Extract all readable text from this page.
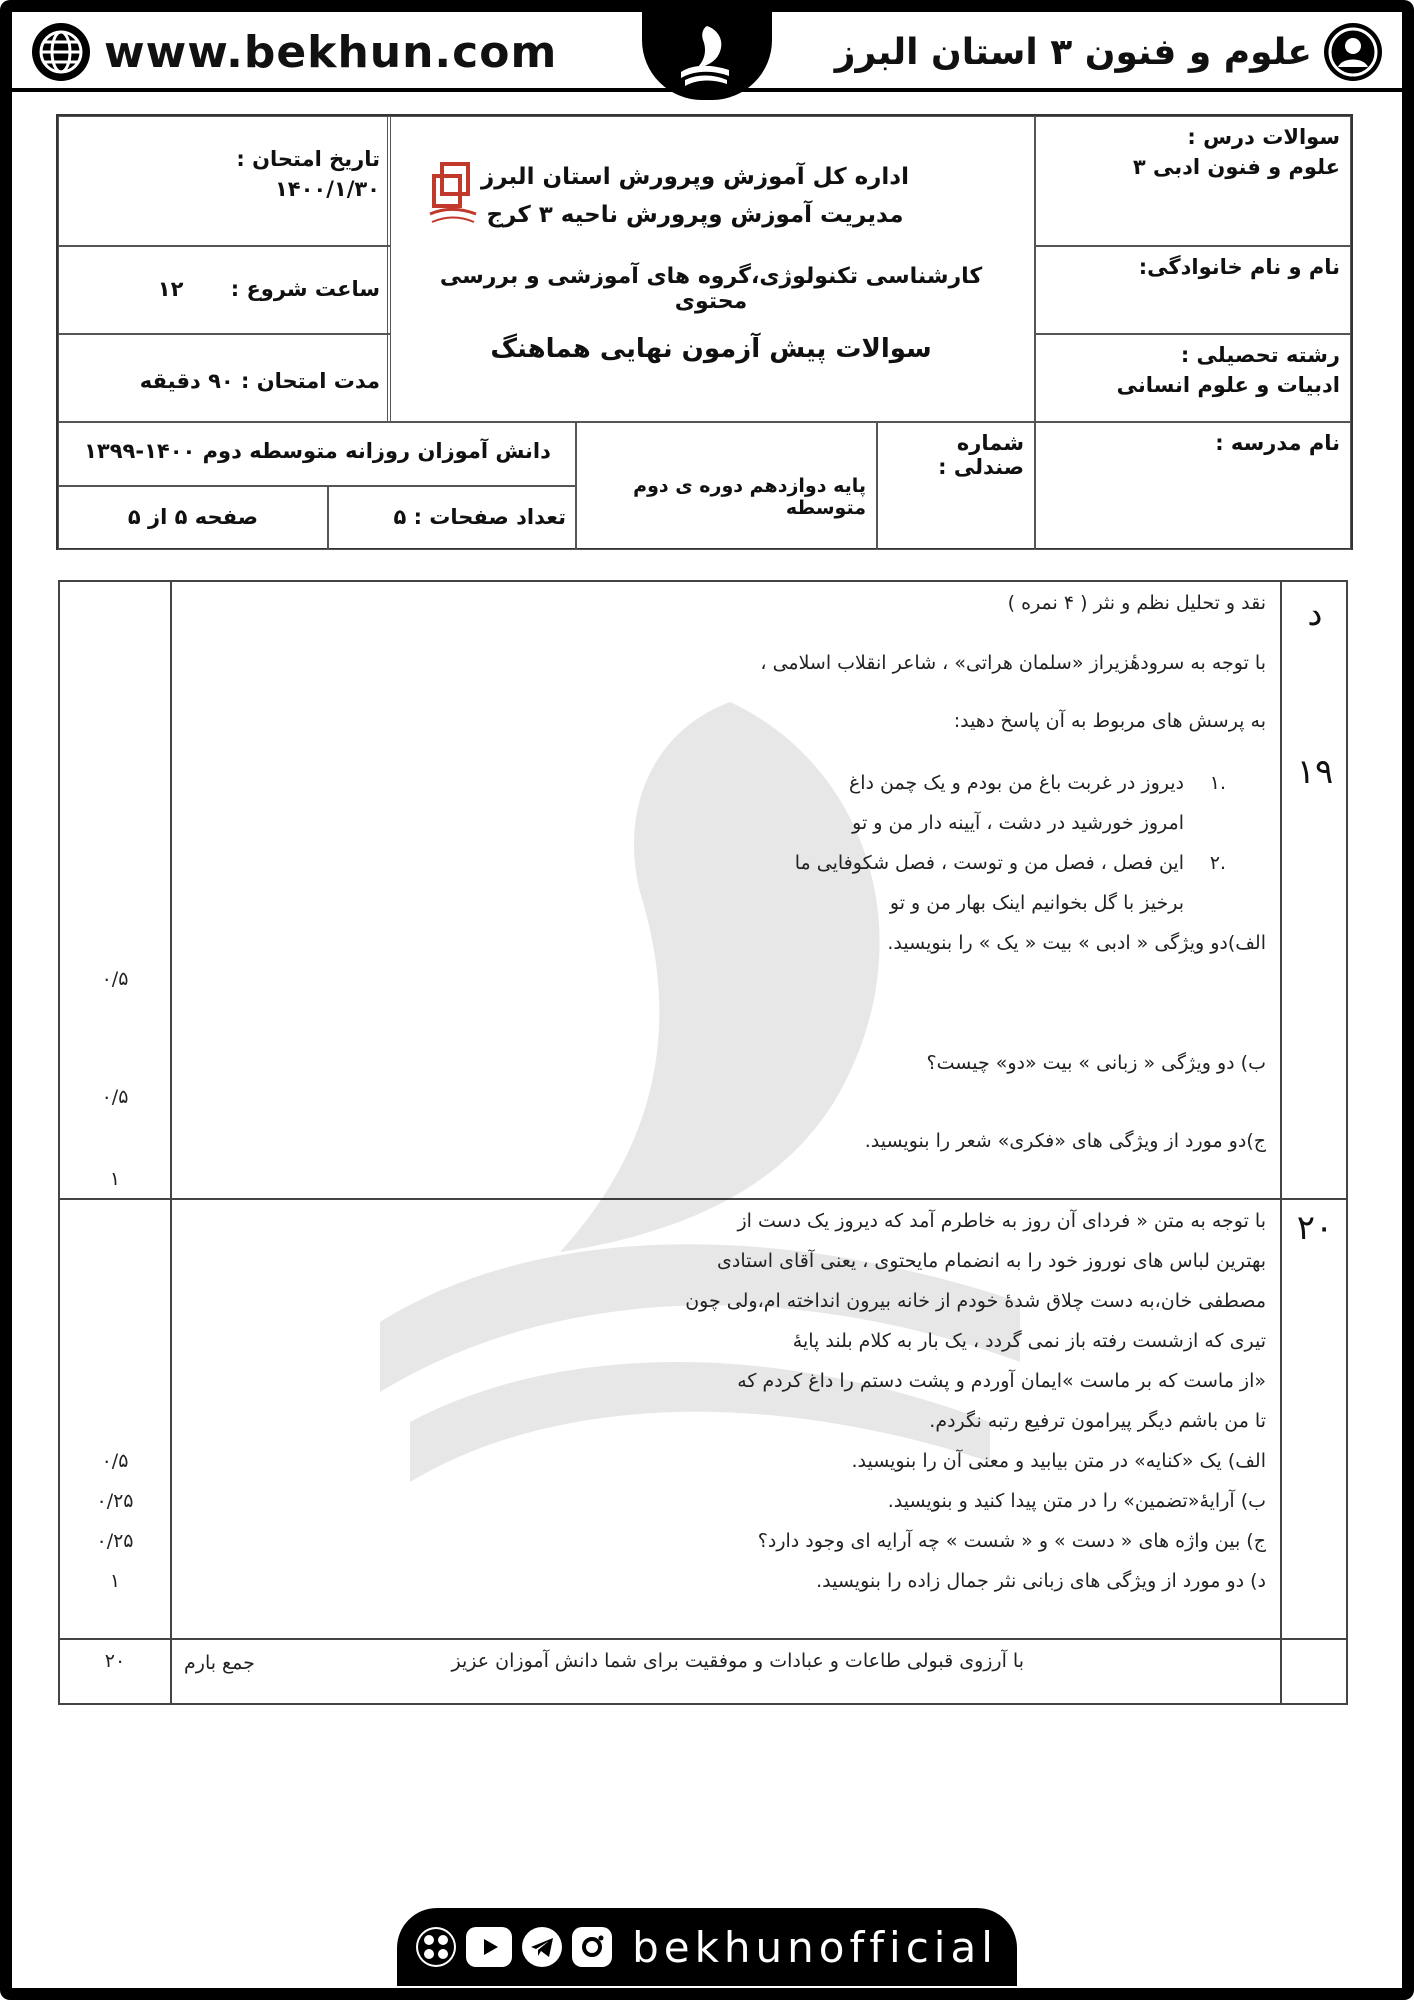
www.bekhun.com	علوم و فنون ۳ استان البرز
سوالات درس :
علوم و فنون ادبی ۳
نام و نام خانوادگی:
رشته تحصیلی :
ادبیات و علوم انسانی
نام مدرسه :
اداره کل آموزش وپرورش استان البرز
مدیریت آموزش وپرورش ناحیه ۳ کرج
کارشناسی تکنولوژی،گروه های آموزشی و بررسی محتوی
سوالات پیش آزمون نهایی هماهنگ
تاریخ امتحان :
۱۴۰۰/۱/۳۰
ساعت شروع : ۱۲
مدت امتحان : ۹۰ دقیقه
شماره صندلی :
پایه دوازدهم دوره ی دوم متوسطه
دانش آموزان روزانه متوسطه دوم ۱۴۰۰-۱۳۹۹
تعداد صفحات : ۵
صفحه ۵ از ۵
د
۱۹
نقد و تحلیل نظم و نثر ( ۴ نمره )
با توجه به سرودهٔزیراز «سلمان هراتی» ، شاعر انقلاب اسلامی ،
به پرسش های مربوط به آن پاسخ دهید:
.۱
دیروز در غربت باغ من بودم و یک چمن داغ
امروز خورشید در دشت ، آیینه دار من و تو
.۲
این فصل ، فصل من و توست ، فصل شکوفایی ما
برخیز با گل بخوانیم اینک بهار من و تو
الف)دو ویژگی « ادبی » بیت « یک » را بنویسید.
ب) دو ویژگی « زبانی » بیت «دو» چیست؟
ج)دو مورد از ویژگی های «فکری» شعر را بنویسید.
۰/۵
۰/۵
۱
۲۰
با توجه به متن « فردای آن روز به خاطرم آمد که دیروز یک دست از
بهترین لباس های نوروز خود را به انضمام مایحتوی ، یعنی آقای استادی
مصطفی خان،به دست چلاق شدهٔ خودم از خانه بیرون انداخته ام،ولی چون
تیری که ازشست رفته باز نمی گردد ، یک بار به کلام بلند پایهٔ
«از ماست که بر ماست »ایمان آوردم و پشت دستم را داغ کردم که
تا من باشم دیگر پیرامون ترفیع رتبه نگردم.
الف) یک «کنایه» در متن بیابید و معنی آن را بنویسید.
ب) آرایهٔ«تضمین» را در متن پیدا کنید و بنویسید.
ج) بین واژه های « دست » و « شست » چه آرایه ای وجود دارد؟
د) دو مورد از ویژگی های زبانی نثر جمال زاده را بنویسید.
۰/۵
۰/۲۵
۰/۲۵
۱
با آرزوی قبولی طاعات و عبادات و موفقیت برای شما دانش آموزان عزیز
جمع بارم
۲۰
bekhunofficial
